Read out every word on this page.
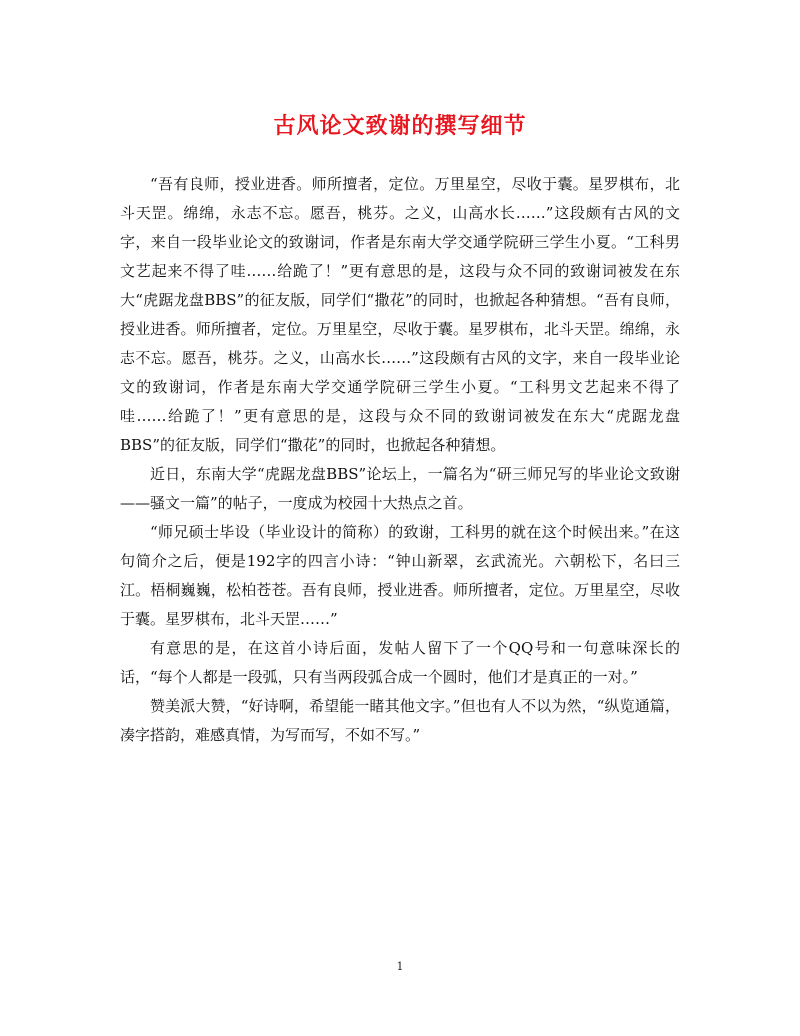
古风论文致谢的撰写细节

“吾有良师，授业进香。师所擅者，定位。万里星空，尽收于囊。星罗棋布，北斗天罡。绵绵，永志不忘。愿吾，桃芬。之义，山高水长……”这段颇有古风的文字，来自一段毕业论文的致谢词，作者是东南大学交通学院研三学生小夏。“工科男文艺起来不得了哇……给跪了！”更有意思的是，这段与众不同的致谢词被发在东大“虎踞龙盘BBS”的征友版，同学们“撒花”的同时，也掀起各种猜想。“吾有良师，授业进香。师所擅者，定位。万里星空，尽收于囊。星罗棋布，北斗天罡。绵绵，永志不忘。愿吾，桃芬。之义，山高水长……”这段颇有古风的文字，来自一段毕业论文的致谢词，作者是东南大学交通学院研三学生小夏。“工科男文艺起来不得了哇……给跪了！”更有意思的是，这段与众不同的致谢词被发在东大“虎踞龙盘BBS”的征友版，同学们“撒花”的同时，也掀起各种猜想。

近日，东南大学“虎踞龙盘BBS”论坛上，一篇名为“研三师兄写的毕业论文致谢——骚文一篇”的帖子，一度成为校园十大热点之首。

“师兄硕士毕设（毕业设计的简称）的致谢，工科男的就在这个时候出来。”在这句简介之后，便是192字的四言小诗：“钟山新翠，玄武流光。六朝松下，名曰三江。梧桐巍巍，松柏苍苍。吾有良师，授业进香。师所擅者，定位。万里星空，尽收于囊。星罗棋布，北斗天罡……”

有意思的是，在这首小诗后面，发帖人留下了一个QQ号和一句意味深长的话，“每个人都是一段弧，只有当两段弧合成一个圆时，他们才是真正的一对。”

赞美派大赞，“好诗啊，希望能一睹其他文字。”但也有人不以为然，“纵览通篇，凑字搭韵，难感真情，为写而写，不如不写。”

1
